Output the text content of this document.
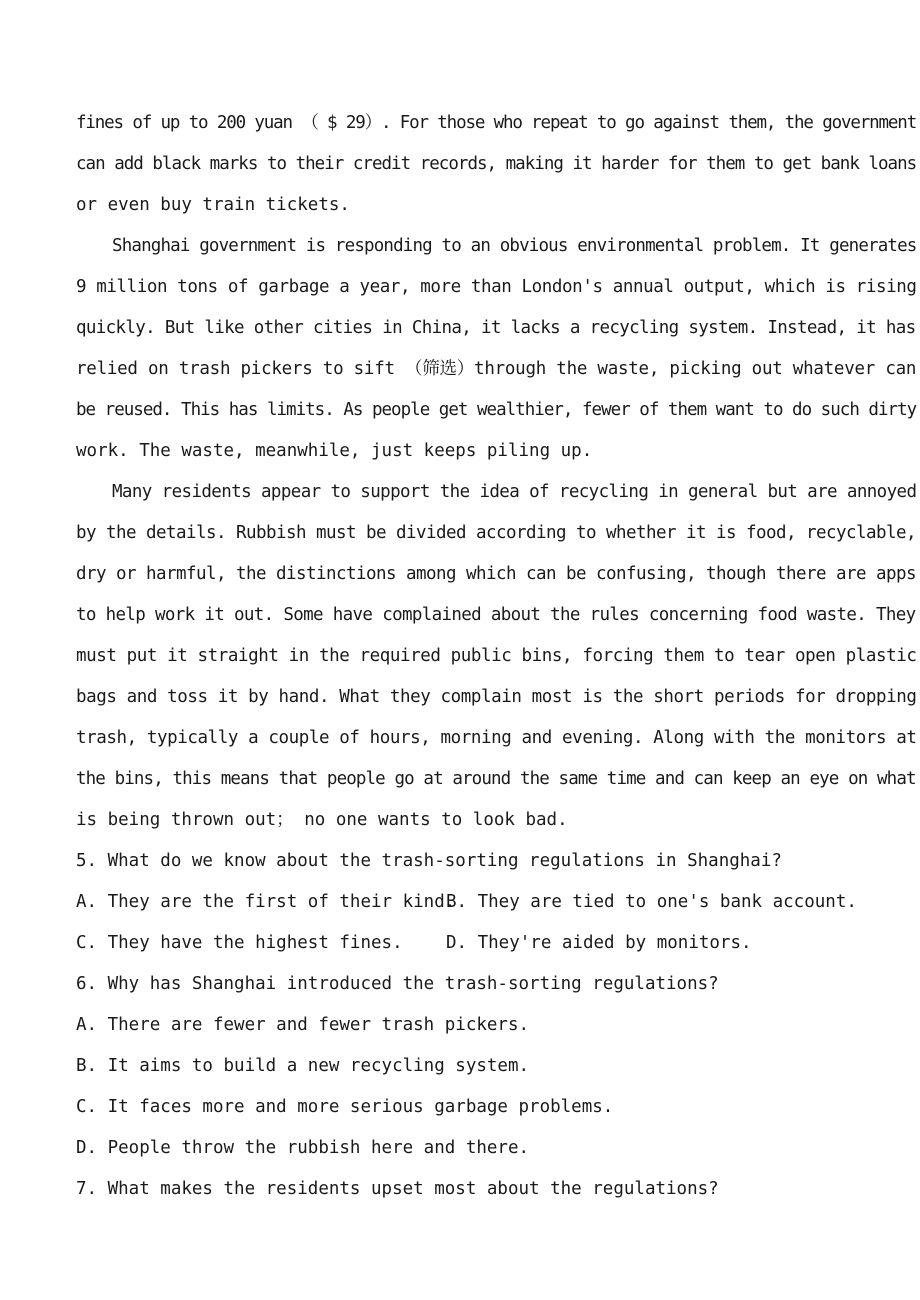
fines of up to 200 yuan （ $ 29）. For those who repeat to go against them, the government
can add black marks to their credit records, making it harder for them to get bank loans
or even buy train tickets.
Shanghai government is responding to an obvious environmental problem. It generates
9 million tons of garbage a year, more than London's annual output, which is rising
quickly. But like other cities in China, it lacks a recycling system. Instead, it has
relied on trash pickers to sift （筛选）through the waste, picking out whatever can
be reused. This has limits. As people get wealthier, fewer of them want to do such dirty
work. The waste, meanwhile, just keeps piling up.
Many residents appear to support the idea of recycling in general but are annoyed
by the details. Rubbish must be divided according to whether it is food, recyclable,
dry or harmful, the distinctions among which can be confusing, though there are apps
to help work it out. Some have complained about the rules concerning food waste. They
must put it straight in the required public bins, forcing them to tear open plastic
bags and toss it by hand. What they complain most is the short periods for dropping
trash, typically a couple of hours, morning and evening. Along with the monitors at
the bins, this means that people go at around the same time and can keep an eye on what
is being thrown out； no one wants to look bad.
5. What do we know about the trash-sorting regulations in Shanghai?
A. They are the first of their kind.
B. They are tied to one's bank account.
C. They have the highest fines. D. They're aided by monitors.
6. Why has Shanghai introduced the trash-sorting regulations?
A. There are fewer and fewer trash pickers.
B. It aims to build a new recycling system.
C. It faces more and more serious garbage problems.
D. People throw the rubbish here and there.
7. What makes the residents upset most about the regulations?
